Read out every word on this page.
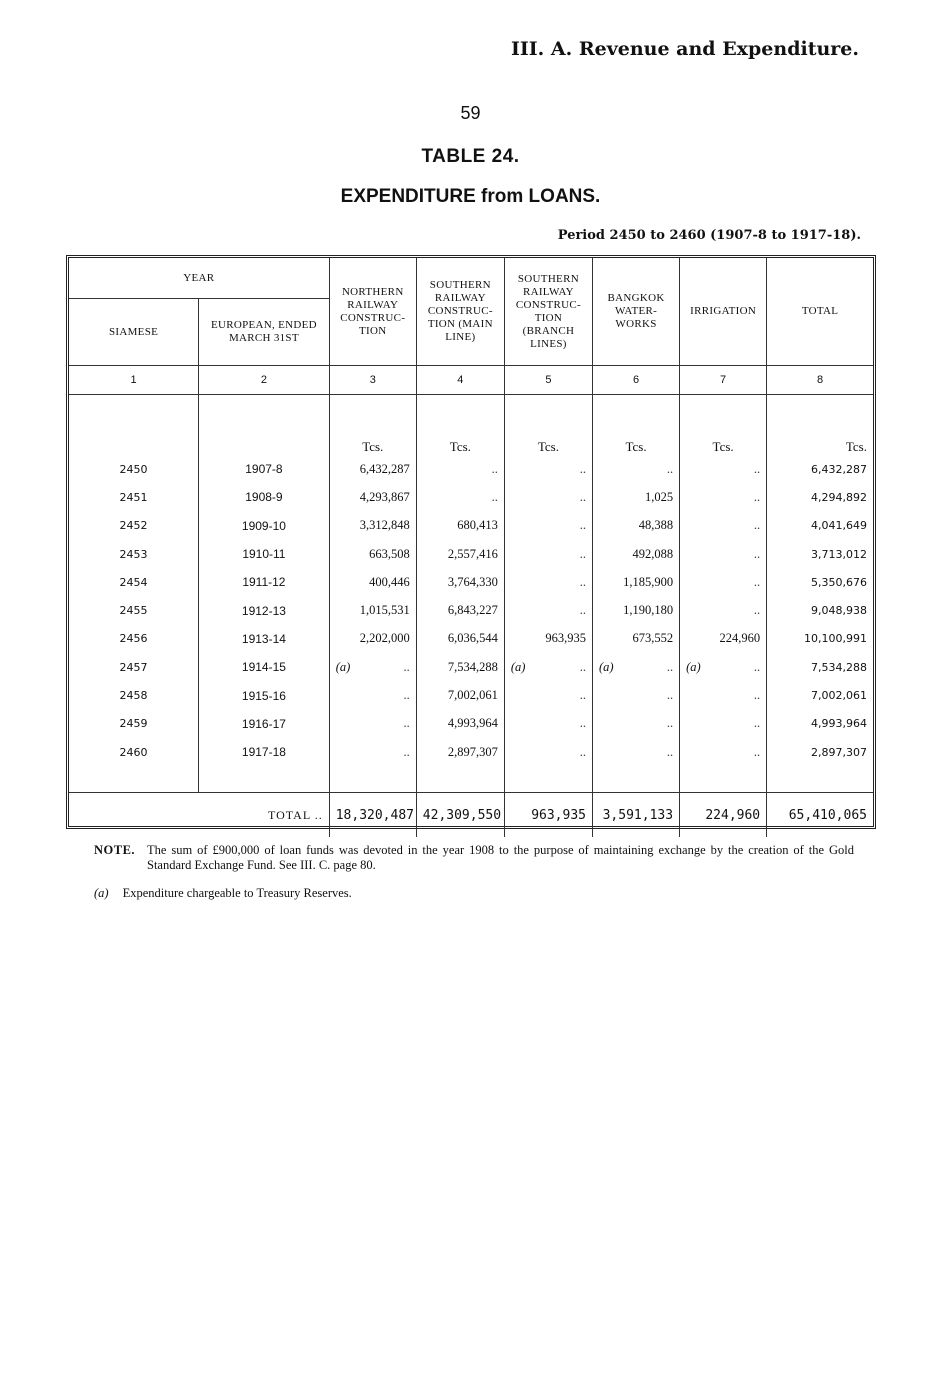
III. A. Revenue and Expenditure.
59
TABLE 24.
EXPENDITURE from LOANS.
Period 2450 to 2460 (1907-8 to 1917-18).
YEAR		NORTHERN RAILWAY CONSTRUC-TION	SOUTHERN RAILWAY CONSTRUC-TION (MAIN LINE)	SOUTHERN RAILWAY CONSTRUC-TION (BRANCH LINES)	BANGKOK WATER-WORKS	IRRIGATION	TOTAL
SIAMESE	EUROPEAN, ENDED MARCH 31ST						
1	2	3	4	5	6	7	8
		Tcs.	Tcs.	Tcs.	Tcs.	Tcs.	Tcs.
2450	1907-8	6,432,287	..	..	..	..	6,432,287
2451	1908-9	4,293,867	..	..	1,025	..	4,294,892
2452	1909-10	3,312,848	680,413	..	48,388	..	4,041,649
2453	1910-11	663,508	2,557,416	..	492,088	..	3,713,012
2454	1911-12	400,446	3,764,330	..	1,185,900	..	5,350,676
2455	1912-13	1,015,531	6,843,227	..	1,190,180	..	9,048,938
2456	1913-14	2,202,000	6,036,544	963,935	673,552	224,960	10,100,991
2457	1914-15	(a) ..	7,534,288	(a) ..	(a) ..	(a) ..	7,534,288
2458	1915-16	..	7,002,061	..	..	..	7,002,061
2459	1916-17	..	4,993,964	..	..	..	4,993,964
2460	1917-18	..	2,897,307	..	..	..	2,897,307

TOTAL ..		18,320,487	42,309,550	963,935	3,591,133	224,960	65,410,065
NOTE. The sum of £900,000 of loan funds was devoted in the year 1908 to the purpose of maintaining exchange by the creation of the Gold Standard Exchange Fund. See III. C. page 80.
(a) Expenditure chargeable to Treasury Reserves.
